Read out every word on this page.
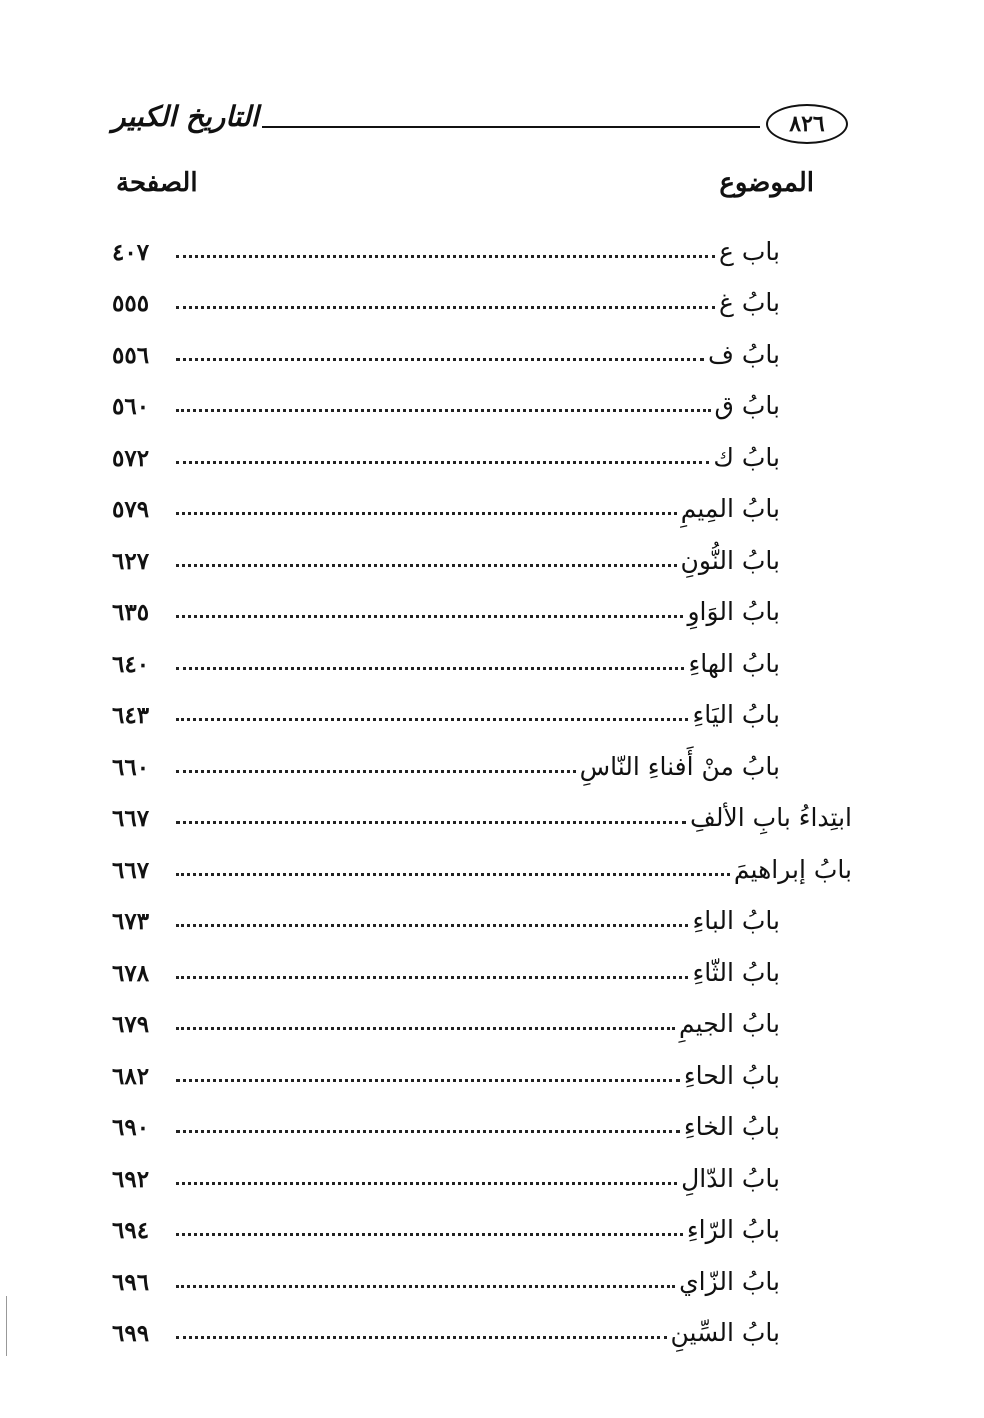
التاريخ الكبير	٨٢٦
الموضوع
الصفحة
باب ع
٤٠٧
بابُ غ
٥٥٥
بابُ ف
٥٥٦
بابُ ق
٥٦٠
بابُ ك
٥٧٢
بابُ المِيمِ
٥٧٩
بابُ النُّونِ
٦٢٧
بابُ الوَاوِ
٦٣٥
بابُ الهاءِ
٦٤٠
بابُ اليَاءِ
٦٤٣
بابُ منْ أَفناءِ النّاسِ
٦٦٠
ابتِداءُ بابِ الألفِ
٦٦٧
بابُ إبراهيمَ
٦٦٧
بابُ الباءِ
٦٧٣
بابُ الثّاءِ
٦٧٨
بابُ الجيمِ
٦٧٩
بابُ الحاءِ
٦٨٢
بابُ الخاءِ
٦٩٠
بابُ الدّالِ
٦٩٢
بابُ الرّاءِ
٦٩٤
بابُ الزّاي
٦٩٦
بابُ السِّينِ
٦٩٩
